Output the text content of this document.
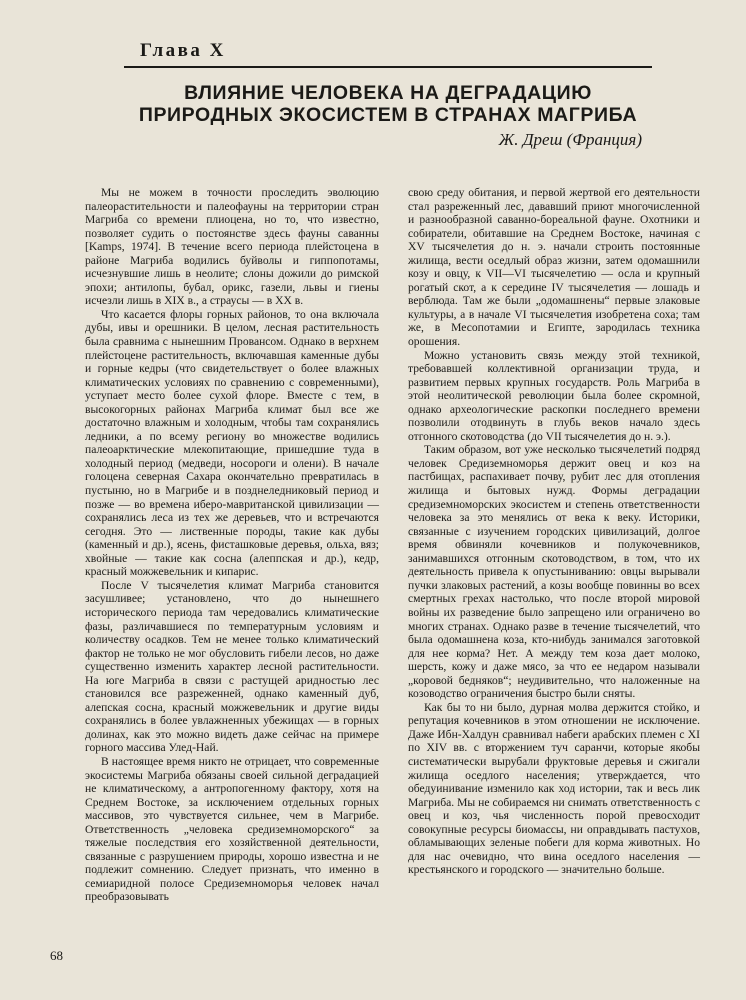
Глава X
ВЛИЯНИЕ ЧЕЛОВЕКА НА ДЕГРАДАЦИЮ
ПРИРОДНЫХ ЭКОСИСТЕМ В СТРАНАХ МАГРИБА
Ж. Дреш (Франция)

Мы не можем в точности проследить эволюцию палеорастительности и палеофауны на территории стран Магриба со времени плиоцена, но то, что известно, позволяет судить о постоянстве здесь фауны саванны [Kamps, 1974]. В течение всего периода плейстоцена в районе Магриба водились буйволы и гиппопотамы, исчезнувшие лишь в неолите; слоны дожили до римской эпохи; антилопы, бубал, орикс, газели, львы и гиены исчезли лишь в XIX в., а страусы — в XX в.

Что касается флоры горных районов, то она включала дубы, ивы и орешники. В целом, лесная растительность была сравнима с нынешним Провансом. Однако в верхнем плейстоцене растительность, включавшая каменные дубы и горные кедры (что свидетельствует о более влажных климатических условиях по сравнению с современными), уступает место более сухой флоре. Вместе с тем, в высокогорных районах Магриба климат был все же достаточно влажным и холодным, чтобы там сохранялись ледники, а по всему региону во множестве водились палеоарктические млекопитающие, пришедшие туда в холодный период (медведи, носороги и олени). В начале голоцена северная Сахара окончательно превратилась в пустыню, но в Магрибе и в позднеледниковый период и позже — во времена иберо-мавританской цивилизации — сохранялись леса из тех же деревьев, что и встречаются сегодня. Это — лиственные породы, такие как дубы (каменный и др.), ясень, фисташковые деревья, ольха, вяз; хвойные — такие как сосна (алеппская и др.), кедр, красный можжевельник и кипарис.

После V тысячелетия климат Магриба становится засушливее; установлено, что до нынешнего исторического периода там чередовались климатические фазы, различавшиеся по температурным условиям и количеству осадков. Тем не менее только климатический фактор не только не мог обусловить гибели лесов, но даже существенно изменить характер лесной растительности. На юге Магриба в связи с растущей аридностью лес становился все разреженней, однако каменный дуб, алепская сосна, красный можжевельник и другие виды сохранялись в более увлажненных убежищах — в горных долинах, как это можно видеть даже сейчас на примере горного массива Улед-Най.

В настоящее время никто не отрицает, что современные экосистемы Магриба обязаны своей сильной деградацией не климатическому, а антропогенному фактору, хотя на Среднем Востоке, за исключением отдельных горных массивов, это чувствуется сильнее, чем в Магрибе. Ответственность „человека средиземноморского“ за тяжелые последствия его хозяйственной деятельности, связанные с разрушением природы, хорошо известна и не подлежит сомнению. Следует признать, что именно в семиаридной полосе Средиземноморья человек начал преобразовывать

свою среду обитания, и первой жертвой его деятельности стал разреженный лес, дававший приют многочисленной и разнообразной саванно-бореальной фауне. Охотники и собиратели, обитавшие на Среднем Востоке, начиная с XV тысячелетия до н. э. начали строить постоянные жилища, вести оседлый образ жизни, затем одомашнили козу и овцу, к VII—VI тысячелетию — осла и крупный рогатый скот, а к середине IV тысячелетия — лошадь и верблюда. Там же были „одомашнены“ первые злаковые культуры, а в начале VI тысячелетия изобретена соха; там же, в Месопотамии и Египте, зародилась техника орошения.

Можно установить связь между этой техникой, требовавшей коллективной организации труда, и развитием первых крупных государств. Роль Магриба в этой неолитической революции была более скромной, однако археологические раскопки последнего времени позволили отодвинуть в глубь веков начало здесь отгонного скотоводства (до VII тысячелетия до н. э.).

Таким образом, вот уже несколько тысячелетий подряд человек Средиземноморья держит овец и коз на пастбищах, распахивает почву, рубит лес для отопления жилища и бытовых нужд. Формы деградации средиземноморских экосистем и степень ответственности человека за это менялись от века к веку. Историки, связанные с изучением городских цивилизаций, долгое время обвиняли кочевников и полукочевников, занимавшихся отгонным скотоводством, в том, что их деятельность привела к опустыниванию: овцы вырывали пучки злаковых растений, а козы вообще повинны во всех смертных грехах настолько, что после второй мировой войны их разведение было запрещено или ограничено во многих странах. Однако разве в течение тысячелетий, что была одомашнена коза, кто-нибудь занимался заготовкой для нее корма? Нет. А между тем коза дает молоко, шерсть, кожу и даже мясо, за что ее недаром называли „коровой бедняков“; неудивительно, что наложенные на козоводство ограничения быстро были сняты.

Как бы то ни было, дурная молва держится стойко, и репутация кочевников в этом отношении не исключение. Даже Ибн-Халдун сравнивал набеги арабских племен с XI по XIV вв. с вторжением туч саранчи, которые якобы систематически вырубали фруктовые деревья и сжигали жилища оседлого населения; утверждается, что обедуинивание изменило как ход истории, так и весь лик Магриба. Мы не собираемся ни снимать ответственность с овец и коз, чья численность порой превосходит совокупные ресурсы биомассы, ни оправдывать пастухов, обламывающих зеленые побеги для корма животных. Но для нас очевидно, что вина оседлого населения — крестьянского и городского — значительно больше.

68
